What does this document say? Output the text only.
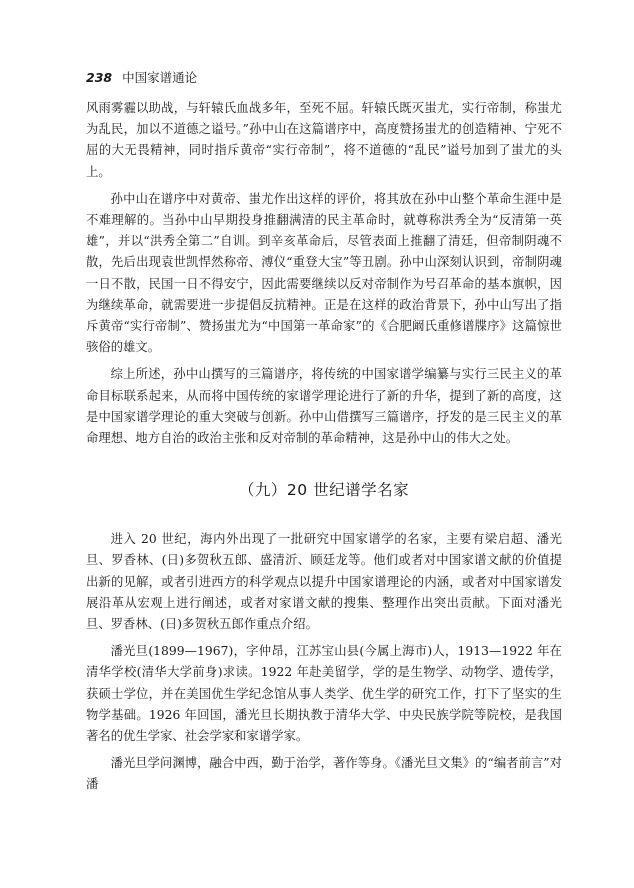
238 中国家谱通论

风雨雾霾以助战，与轩辕氏血战多年，至死不屈。轩辕氏既灭蚩尤，实行帝制，称蚩尤为乱民，加以不道德之谥号。”孙中山在这篇谱序中，高度赞扬蚩尤的创造精神、宁死不屈的大无畏精神，同时指斥黄帝“实行帝制”，将不道德的“乱民”谥号加到了蚩尤的头上。

孙中山在谱序中对黄帝、蚩尤作出这样的评价，将其放在孙中山整个革命生涯中是不难理解的。当孙中山早期投身推翻满清的民主革命时，就尊称洪秀全为“反清第一英雄”，并以“洪秀全第二”自训。到辛亥革命后，尽管表面上推翻了清廷，但帝制阴魂不散，先后出现袁世凯悍然称帝、溥仪“重登大宝”等丑剧。孙中山深刻认识到，帝制阴魂一日不散，民国一日不得安宁，因此需要继续以反对帝制作为号召革命的基本旗帜，因为继续革命，就需要进一步提倡反抗精神。正是在这样的政治背景下，孙中山写出了指斥黄帝“实行帝制”、赞扬蚩尤为“中国第一革命家”的《合肥阚氏重修谱牒序》这篇惊世骇俗的雄文。

综上所述，孙中山撰写的三篇谱序，将传统的中国家谱学编纂与实行三民主义的革命目标联系起来，从而将中国传统的家谱学理论进行了新的升华，提到了新的高度，这是中国家谱学理论的重大突破与创新。孙中山借撰写三篇谱序，抒发的是三民主义的革命理想、地方自治的政治主张和反对帝制的革命精神，这是孙中山的伟大之处。

（九）20 世纪谱学名家

进入 20 世纪，海内外出现了一批研究中国家谱学的名家，主要有梁启超、潘光旦、罗香林、(日)多贺秋五郎、盛清沂、顾廷龙等。他们或者对中国家谱文献的价值提出新的见解，或者引进西方的科学观点以提升中国家谱理论的内涵，或者对中国家谱发展沿革从宏观上进行阐述，或者对家谱文献的搜集、整理作出突出贡献。下面对潘光旦、罗香林、(日)多贺秋五郎作重点介绍。

潘光旦(1899—1967)，字仲昂，江苏宝山县(今属上海市)人，1913—1922 年在清华学校(清华大学前身)求读。1922 年赴美留学，学的是生物学、动物学、遗传学，获硕士学位，并在美国优生学纪念馆从事人类学、优生学的研究工作，打下了坚实的生物学基础。1926 年回国，潘光旦长期执教于清华大学、中央民族学院等院校，是我国著名的优生学家、社会学家和家谱学家。

潘光旦学问渊博，融合中西，勤于治学，著作等身。《潘光旦文集》的“编者前言”对潘
